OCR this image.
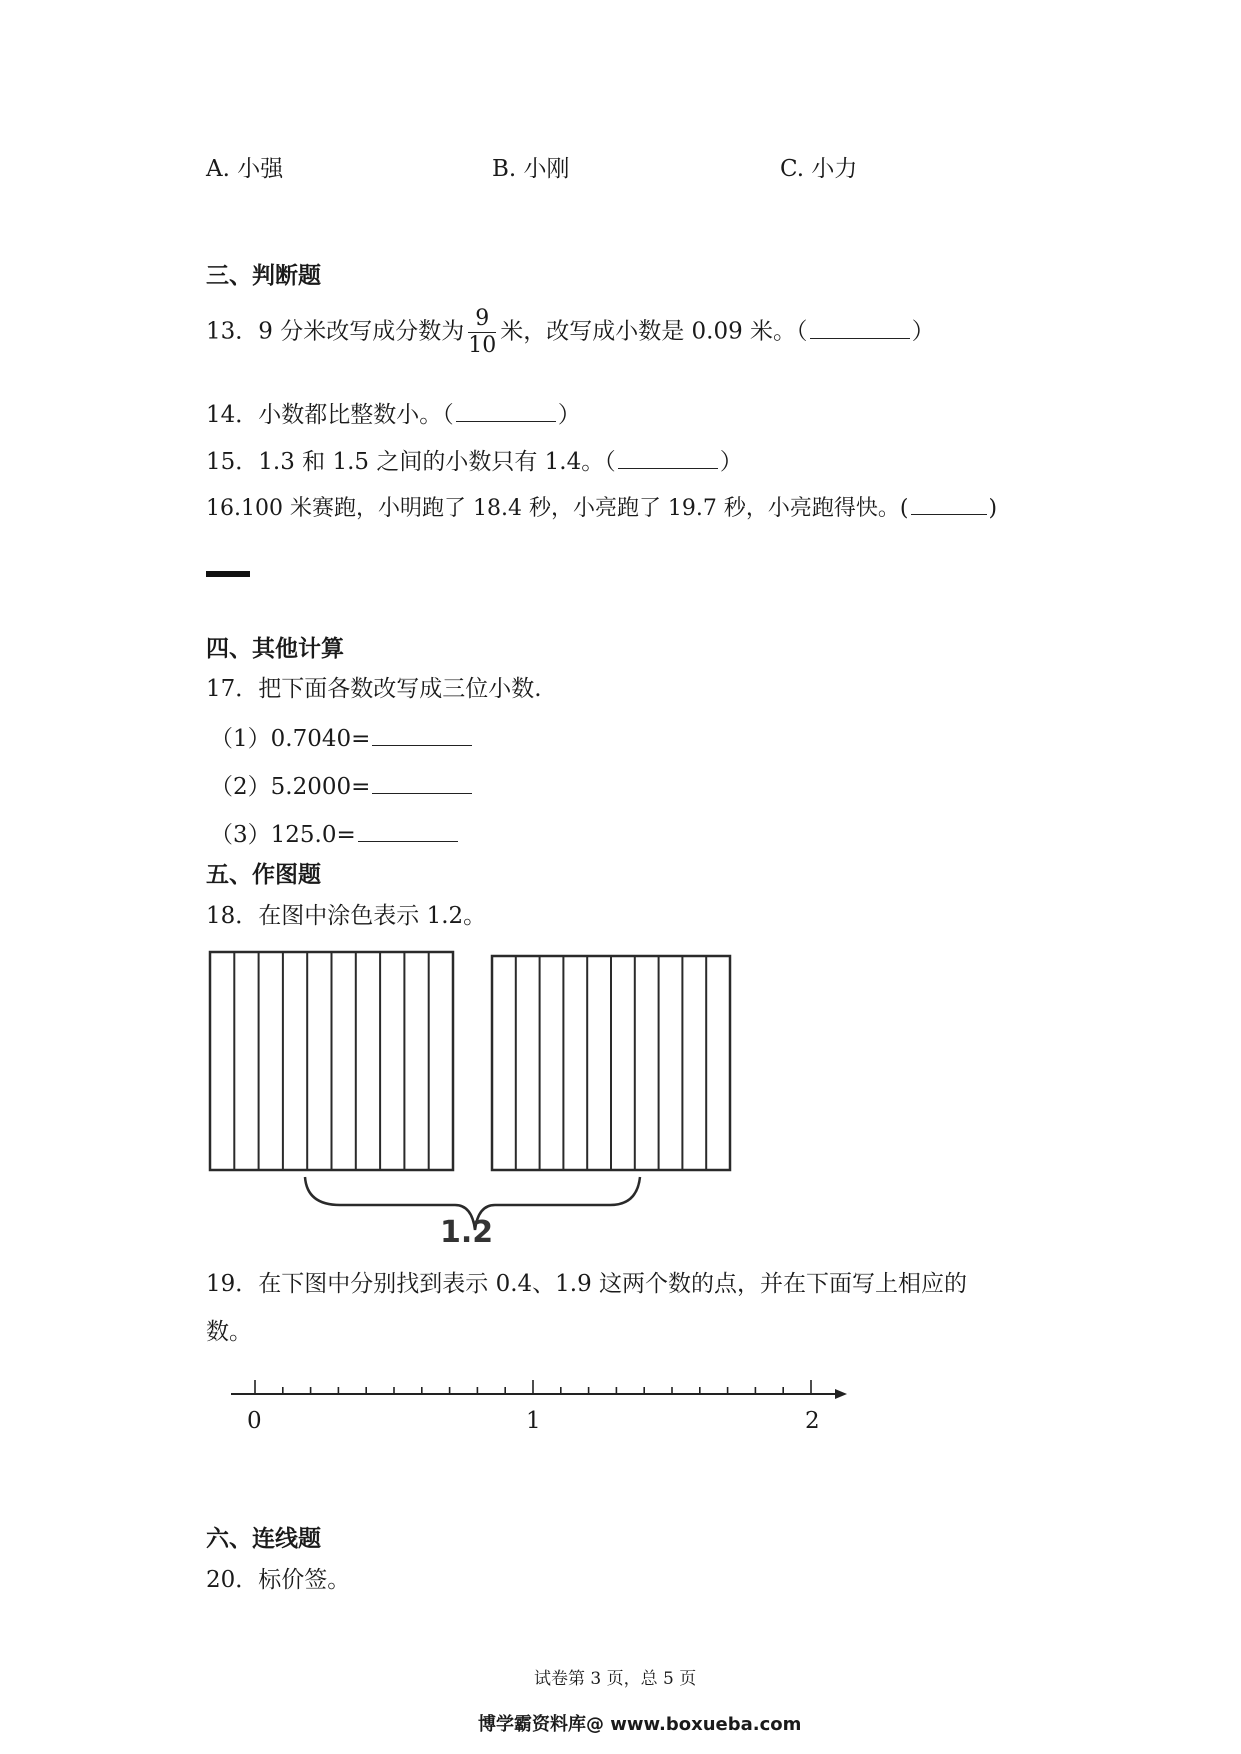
A. 小强	B. 小刚	C. 小力
三、判断题
13．9 分米改写成分数为 $\frac{9}{10}$ 米，改写成小数是 0.09 米。（	）
14．小数都比整数小。（	）
15．1.3 和 1.5 之间的小数只有 1.4。（	）
16.100 米赛跑，小明跑了 18.4 秒，小亮跑了 19.7 秒，小亮跑得快。(	)
四、其他计算
17．把下面各数改写成三位小数.
（1）0.7040=
（2）5.2000=
（3）125.0=
五、作图题
18．在图中涂色表示 1.2。
1.2
19．在下图中分别找到表示 0.4、1.9 这两个数的点，并在下面写上相应的
数。
0	1	2
六、连线题
20．标价签。
试卷第 3 页，总 5 页
博学霸资料库@ www.boxueba.com
